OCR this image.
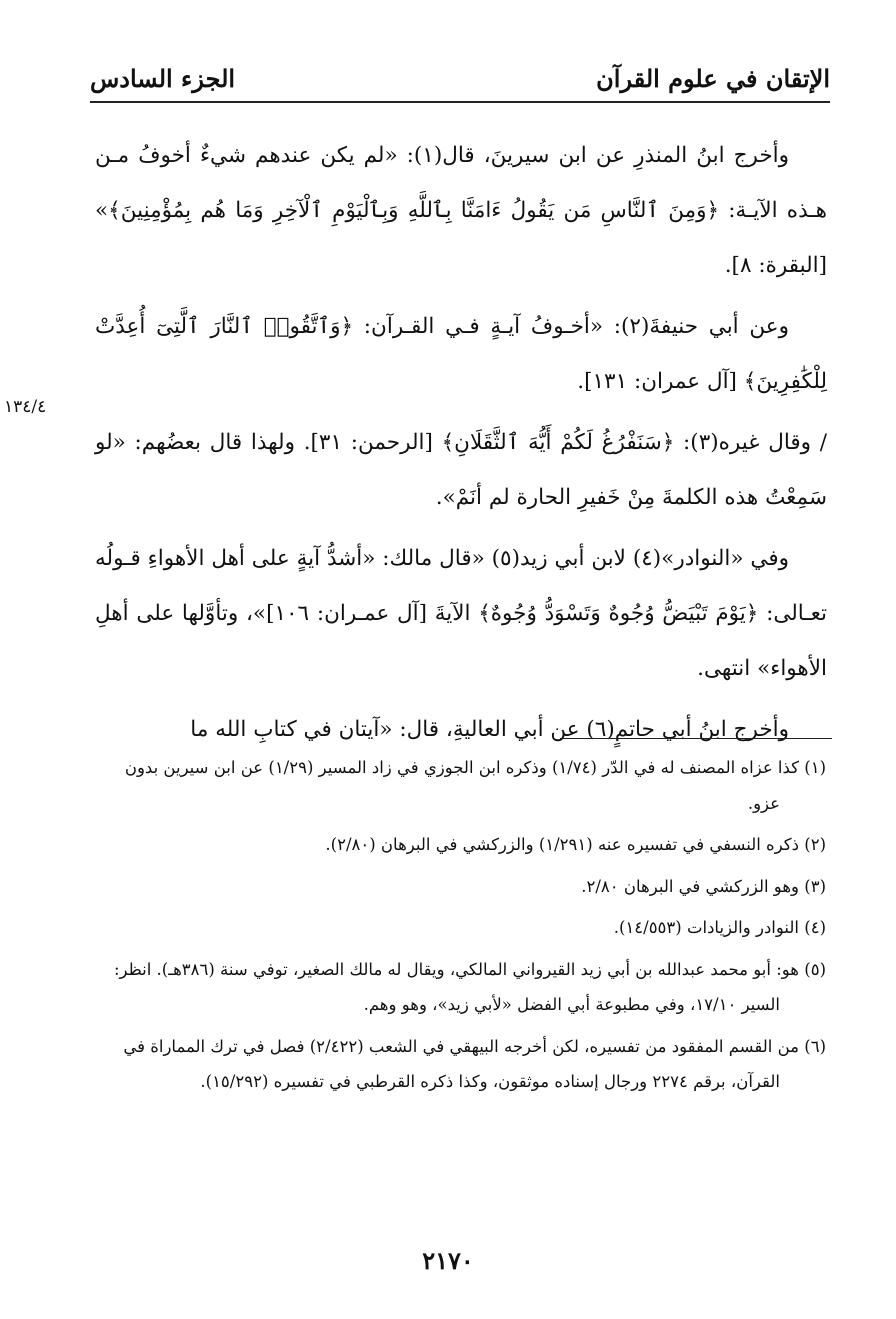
الإتقان في علوم القرآن
الجزء السادس
١٣٤/٤

وأخرج ابنُ المنذرِ عن ابن سيرينَ، قال(١): «لم يكن عندهم شيءٌ أخوفُ مـن هـذه الآيـة: ﴿وَمِنَ ٱلنَّاسِ مَن يَقُولُ ءَامَنَّا بِٱللَّهِ وَبِٱلْيَوْمِ ٱلْآخِرِ وَمَا هُم بِمُؤْمِنِينَ﴾» [البقرة: ٨].

وعن أبي حنيفةَ(٢): «أخـوفُ آيـةٍ فـي القـرآن: ﴿وَٱتَّقُوا۟ ٱلنَّارَ ٱلَّتِىٓ أُعِدَّتْ لِلْكَٰفِرِينَ﴾ [آل عمران: ١٣١].

/ وقال غيره(٣): ﴿سَنَفْرُغُ لَكُمْ أَيُّهَ ٱلثَّقَلَانِ﴾ [الرحمن: ٣١]. ولهذا قال بعضُهم: «لو سَمِعْتُ هذه الكلمةَ مِنْ خَفيرِ الحارة لم أنَمْ».

وفي «النوادر»(٤) لابن أبي زيد(٥) «قال مالك: «أشدُّ آيةٍ على أهل الأهواءِ قـولُه تعـالى: ﴿يَوْمَ تَبْيَضُّ وُجُوهٌ وَتَسْوَدُّ وُجُوهٌ﴾ الآيةَ [آل عمـران: ١٠٦]»، وتأوَّلها على أهلِ الأهواء» انتهى.

وأخرج ابنُ أبي حاتمٍ(٦) عن أبي العاليةِ، قال: «آيتان في كتابِ الله ما

(١) كذا عزاه المصنف له في الدّر (١/٧٤) وذكره ابن الجوزي في زاد المسير (١/٢٩) عن ابن سيرين بدون عزو.

(٢) ذكره النسفي في تفسيره عنه (١/٢٩١) والزركشي في البرهان (٢/٨٠).

(٣) وهو الزركشي في البرهان ٢/٨٠.

(٤) النوادر والزيادات (١٤/٥٥٣).

(٥) هو: أبو محمد عبدالله بن أبي زيد القيرواني المالكي، ويقال له مالك الصغير، توفي سنة (٣٨٦هـ). انظر: السير ١٧/١٠، وفي مطبوعة أبي الفضل «لأبي زيد»، وهو وهم.

(٦) من القسم المفقود من تفسيره، لكن أخرجه البيهقي في الشعب (٢/٤٢٢) فصل في ترك المماراة في القرآن، برقم ٢٢٧٤ ورجال إسناده موثقون، وكذا ذكره القرطبي في تفسيره (١٥/٢٩٢).

٢١٧٠
